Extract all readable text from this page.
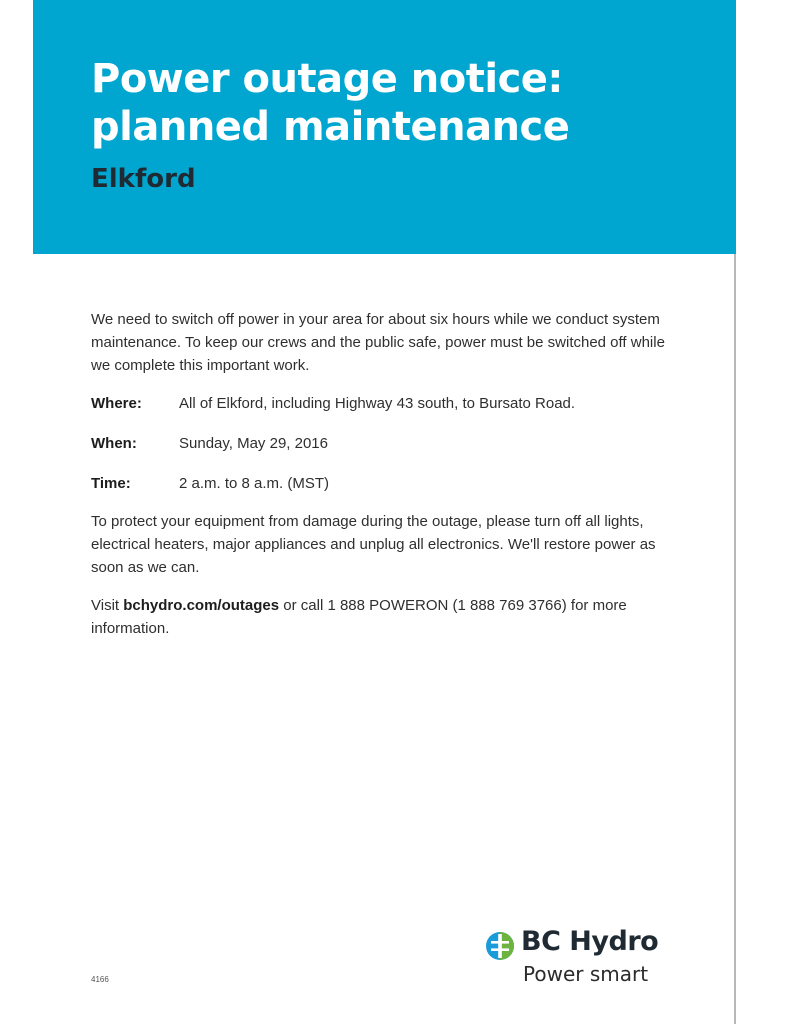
Power outage notice:
planned maintenance
Elkford

We need to switch off power in your area for about six hours while we conduct system maintenance. To keep our crews and the public safe, power must be switched off while we complete this important work.

Where:	All of Elkford, including Highway 43 south, to Bursato Road.
When:	Sunday, May 29, 2016
Time:	2 a.m. to 8 a.m. (MST)

To protect your equipment from damage during the outage, please turn off all lights, electrical heaters, major appliances and unplug all electronics. We'll restore power as soon as we can.

Visit bchydro.com/outages or call 1 888 POWERON (1 888 769 3766) for more information.

4166
BC Hydro
Power smart
